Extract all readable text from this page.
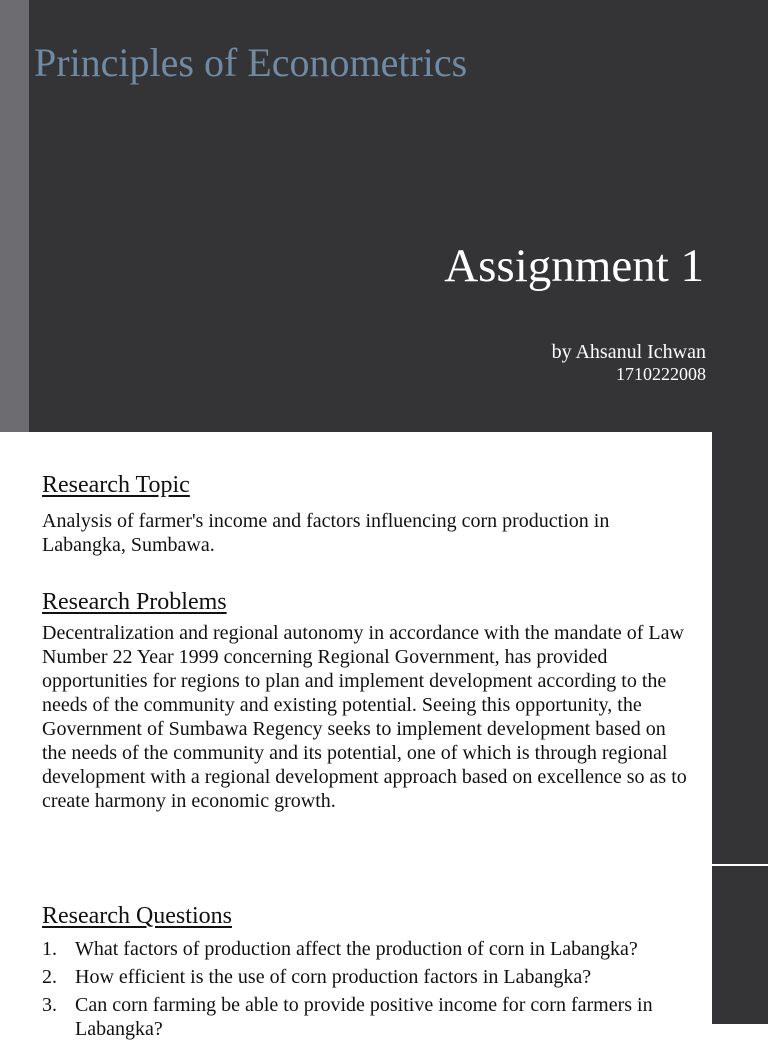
Principles of Econometrics
Assignment 1
by Ahsanul Ichwan
1710222008
Research Topic

Analysis of farmer's income and factors influencing corn production in Labangka, Sumbawa.

Research Problems

Decentralization and regional autonomy in accordance with the mandate of Law Number 22 Year 1999 concerning Regional Government, has provided opportunities for regions to plan and implement development according to the needs of the community and existing potential. Seeing this opportunity, the Government of Sumbawa Regency seeks to implement development based on the needs of the community and its potential, one of which is through regional development with a regional development approach based on excellence so as to create harmony in economic growth.

Research Questions
1. What factors of production affect the production of corn in Labangka?
2. How efficient is the use of corn production factors in Labangka?
3. Can corn farming be able to provide positive income for corn farmers in Labangka?
